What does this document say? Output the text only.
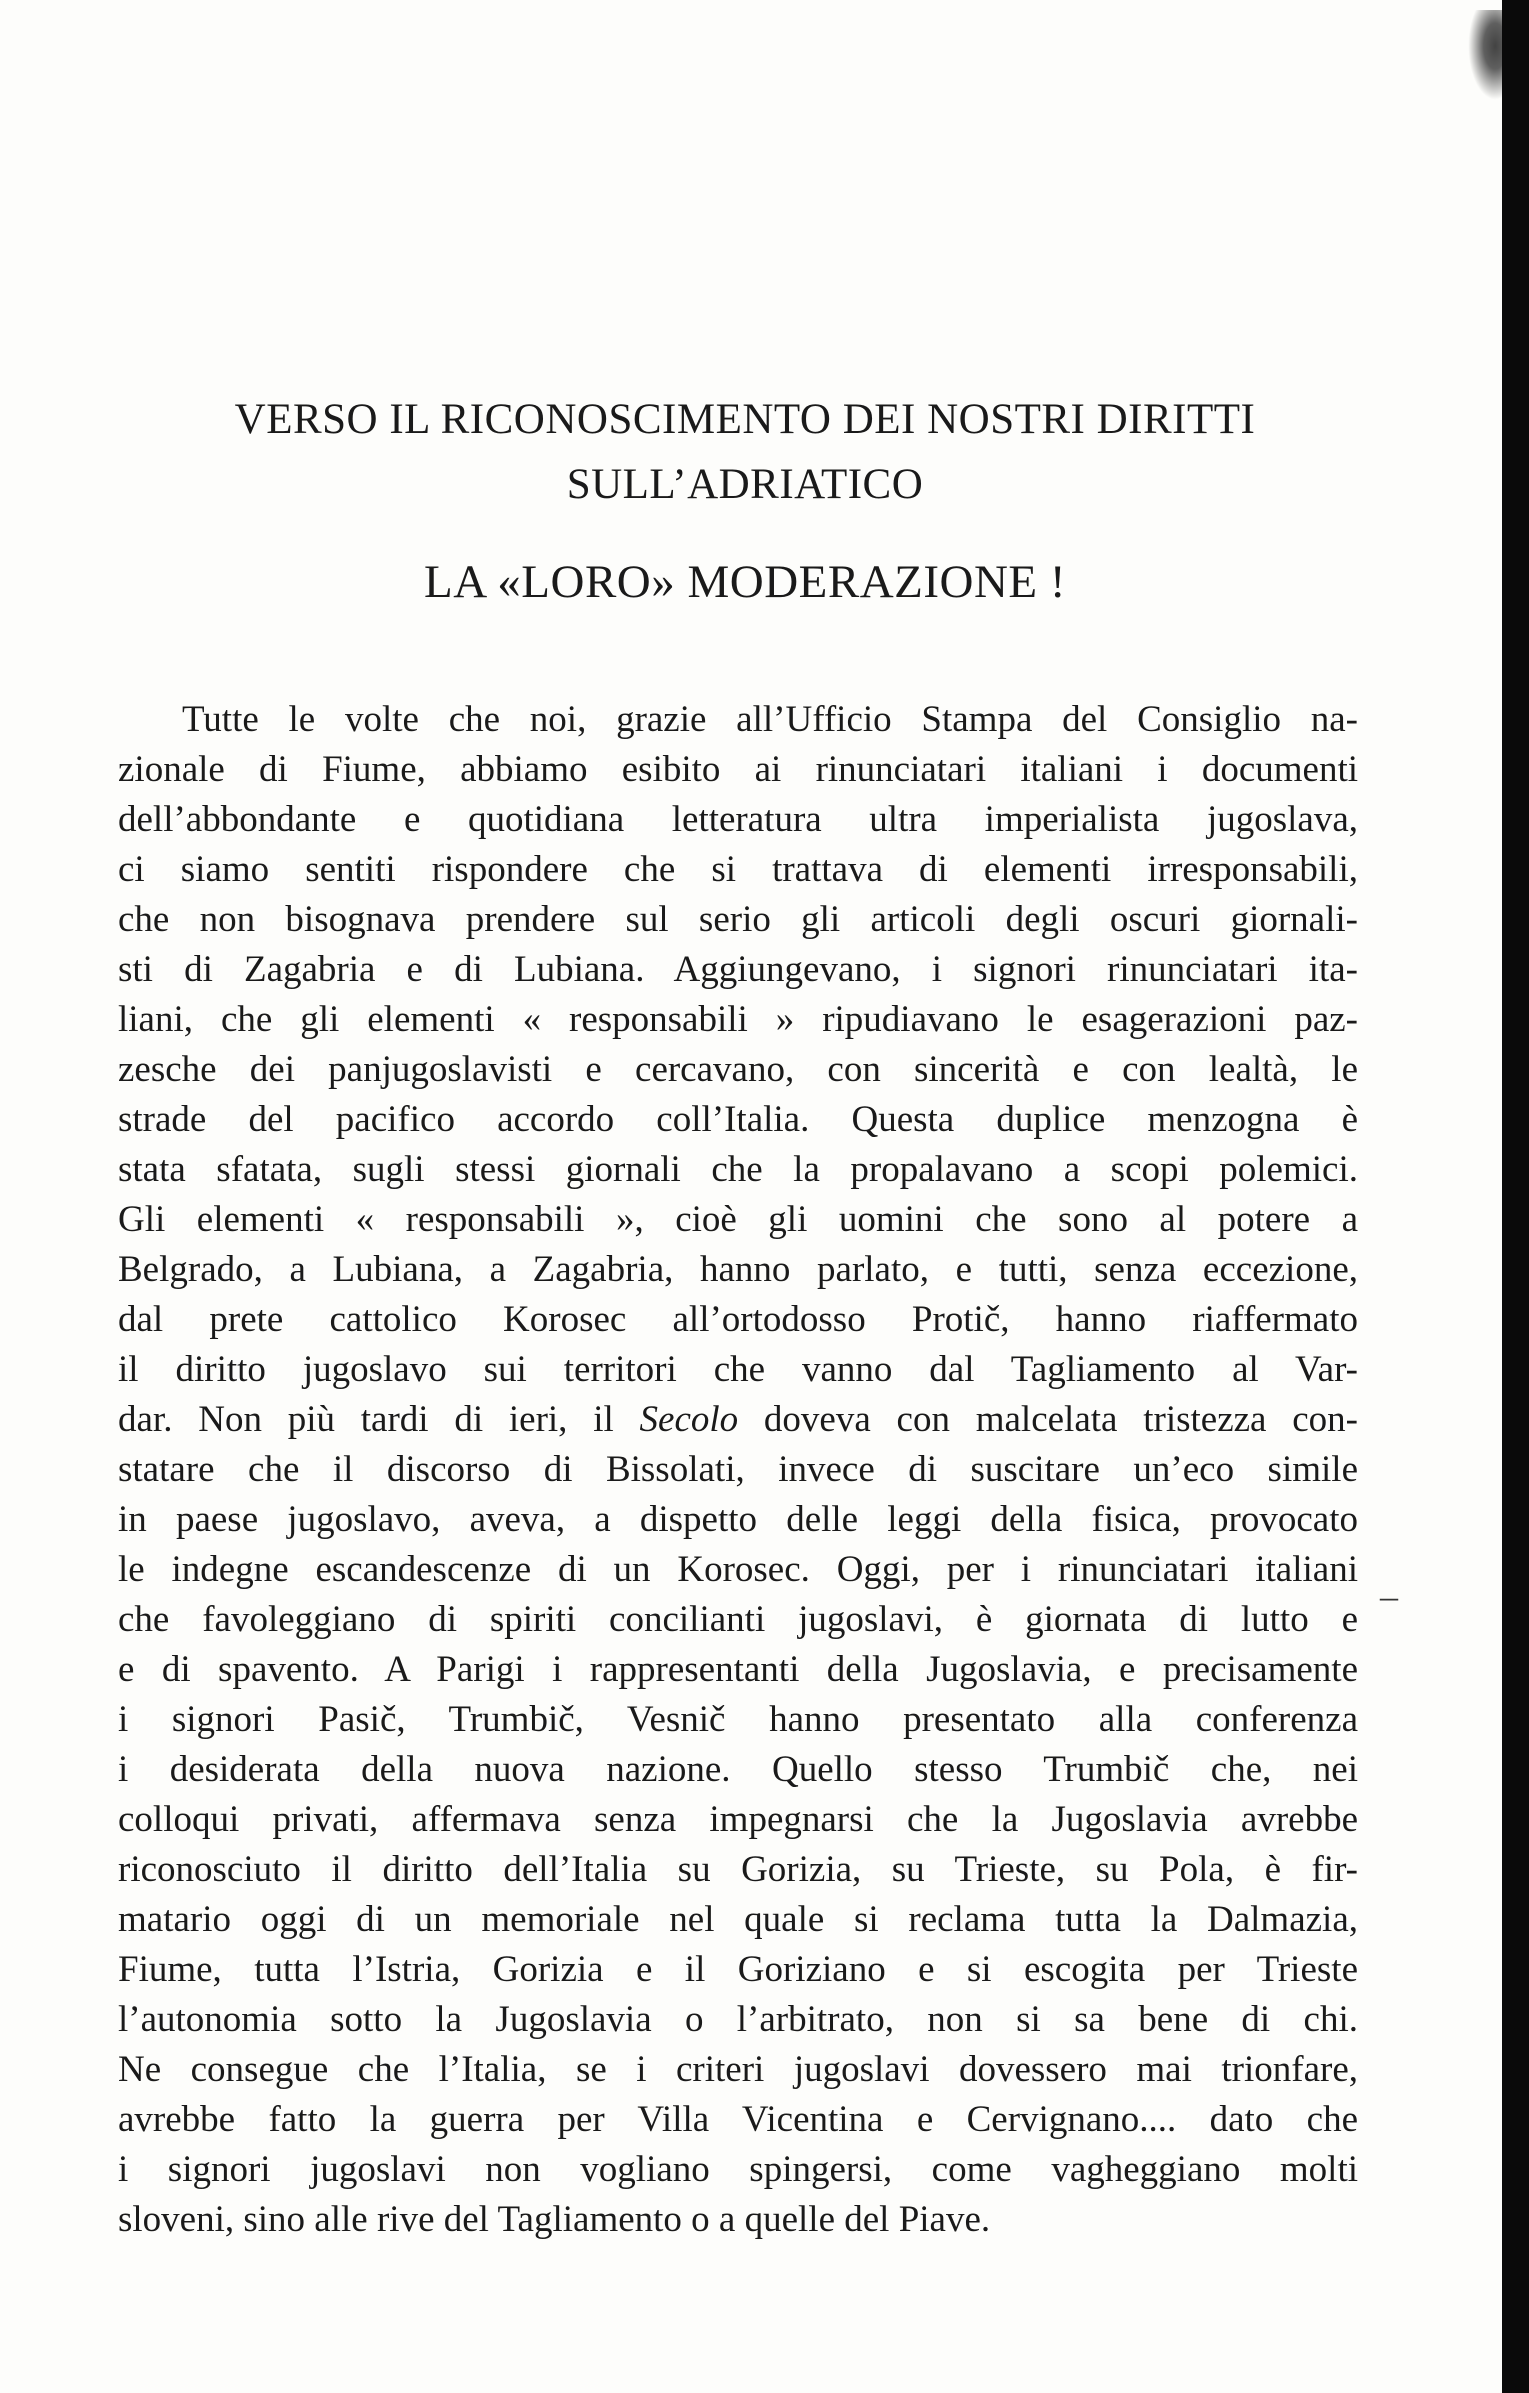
VERSO IL RICONOSCIMENTO DEI NOSTRI DIRITTI
SULL’ADRIATICO
LA «LORO» MODERAZIONE !
Tutte le volte che noi, grazie all’Ufficio Stampa del Consiglio na-
zionale di Fiume, abbiamo esibito ai rinunciatari italiani i documenti
dell’abbondante e quotidiana letteratura ultra imperialista jugoslava,
ci siamo sentiti rispondere che si trattava di elementi irresponsabili,
che non bisognava prendere sul serio gli articoli degli oscuri giornali-
sti di Zagabria e di Lubiana. Aggiungevano, i signori rinunciatari ita-
liani, che gli elementi « responsabili » ripudiavano le esagerazioni paz-
zesche dei panjugoslavisti e cercavano, con sincerità e con lealtà, le
strade del pacifico accordo coll’Italia. Questa duplice menzogna è
stata sfatata, sugli stessi giornali che la propalavano a scopi polemici.
Gli elementi « responsabili », cioè gli uomini che sono al potere a
Belgrado, a Lubiana, a Zagabria, hanno parlato, e tutti, senza eccezione,
dal prete cattolico Korosec all’ortodosso Protič, hanno riaffermato
il diritto jugoslavo sui territori che vanno dal Tagliamento al Var-
dar. Non più tardi di ieri, il Secolo doveva con malcelata tristezza con-
statare che il discorso di Bissolati, invece di suscitare un’eco simile
in paese jugoslavo, aveva, a dispetto delle leggi della fisica, provocato
le indegne escandescenze di un Korosec. Oggi, per i rinunciatari italiani
che favoleggiano di spiriti concilianti jugoslavi, è giornata di lutto e
e di spavento. A Parigi i rappresentanti della Jugoslavia, e precisamente
i signori Pasič, Trumbič, Vesnič hanno presentato alla conferenza
i desiderata della nuova nazione. Quello stesso Trumbič che, nei
colloqui privati, affermava senza impegnarsi che la Jugoslavia avrebbe
riconosciuto il diritto dell’Italia su Gorizia, su Trieste, su Pola, è fir-
matario oggi di un memoriale nel quale si reclama tutta la Dalmazia,
Fiume, tutta l’Istria, Gorizia e il Goriziano e si escogita per Trieste
l’autonomia sotto la Jugoslavia o l’arbitrato, non si sa bene di chi.
Ne consegue che l’Italia, se i criteri jugoslavi dovessero mai trionfare,
avrebbe fatto la guerra per Villa Vicentina e Cervignano.... dato che
i signori jugoslavi non vogliano spingersi, come vagheggiano molti
sloveni, sino alle rive del Tagliamento o a quelle del Piave.
–
